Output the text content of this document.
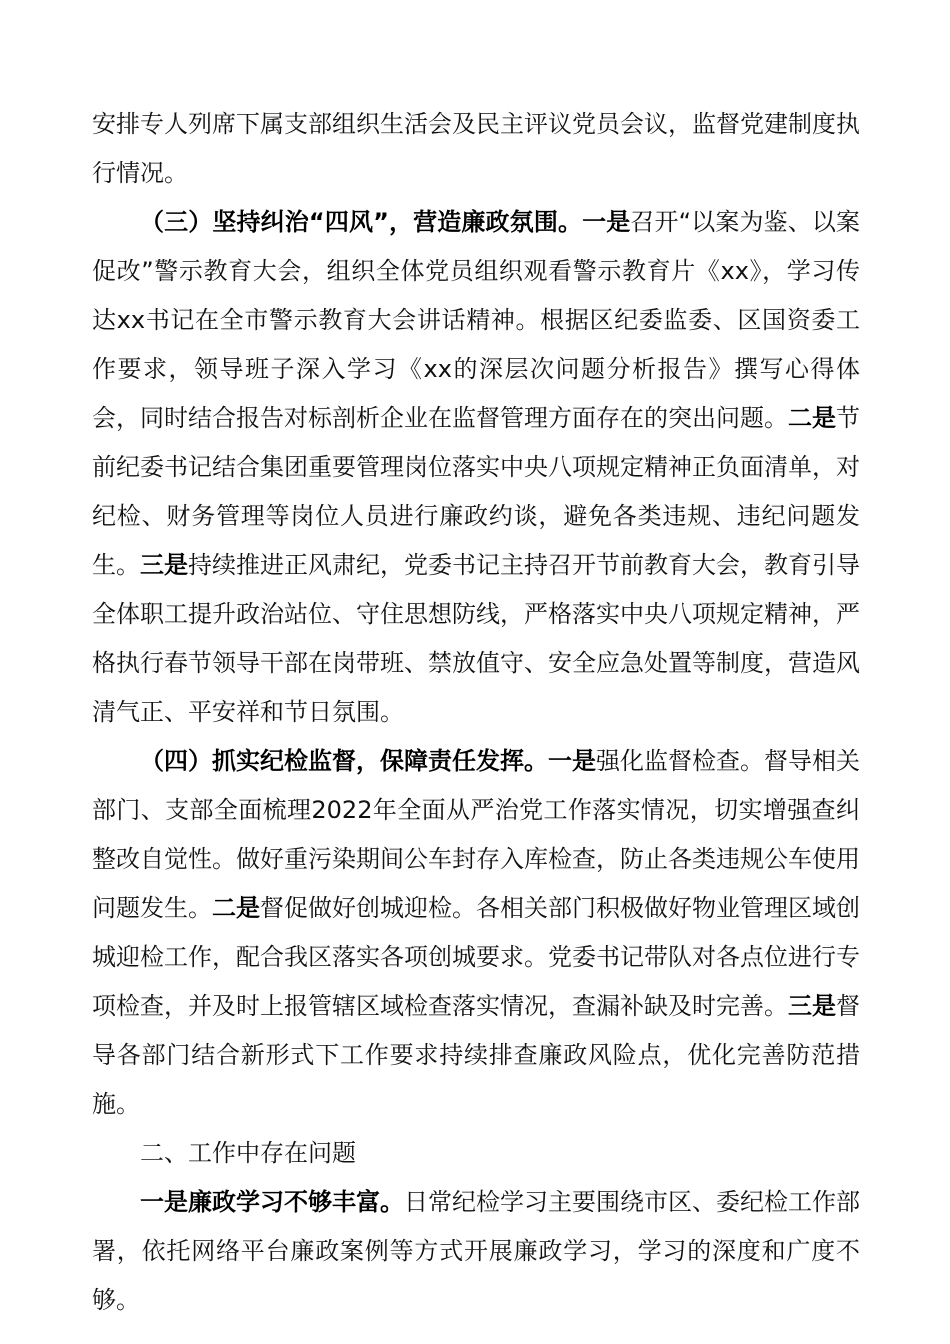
安排专人列席下属支部组织生活会及民主评议党员会议，监督党建制度执行情况。

（三）坚持纠治“四风”，营造廉政氛围。一是召开“以案为鉴、以案促改”警示教育大会，组织全体党员组织观看警示教育片《xx》，学习传达xx书记在全市警示教育大会讲话精神。根据区纪委监委、区国资委工作要求，领导班子深入学习《xx的深层次问题分析报告》撰写心得体会，同时结合报告对标剖析企业在监督管理方面存在的突出问题。二是节前纪委书记结合集团重要管理岗位落实中央八项规定精神正负面清单，对纪检、财务管理等岗位人员进行廉政约谈，避免各类违规、违纪问题发生。三是持续推进正风肃纪，党委书记主持召开节前教育大会，教育引导全体职工提升政治站位、守住思想防线，严格落实中央八项规定精神，严格执行春节领导干部在岗带班、禁放值守、安全应急处置等制度，营造风清气正、平安祥和节日氛围。

（四）抓实纪检监督，保障责任发挥。一是强化监督检查。督导相关部门、支部全面梳理2022年全面从严治党工作落实情况，切实增强查纠整改自觉性。做好重污染期间公车封存入库检查，防止各类违规公车使用问题发生。二是督促做好创城迎检。各相关部门积极做好物业管理区域创城迎检工作，配合我区落实各项创城要求。党委书记带队对各点位进行专项检查，并及时上报管辖区域检查落实情况，查漏补缺及时完善。三是督导各部门结合新形式下工作要求持续排查廉政风险点，优化完善防范措施。

二、工作中存在问题

一是廉政学习不够丰富。日常纪检学习主要围绕市区、委纪检工作部署，依托网络平台廉政案例等方式开展廉政学习，学习的深度和广度不够。
